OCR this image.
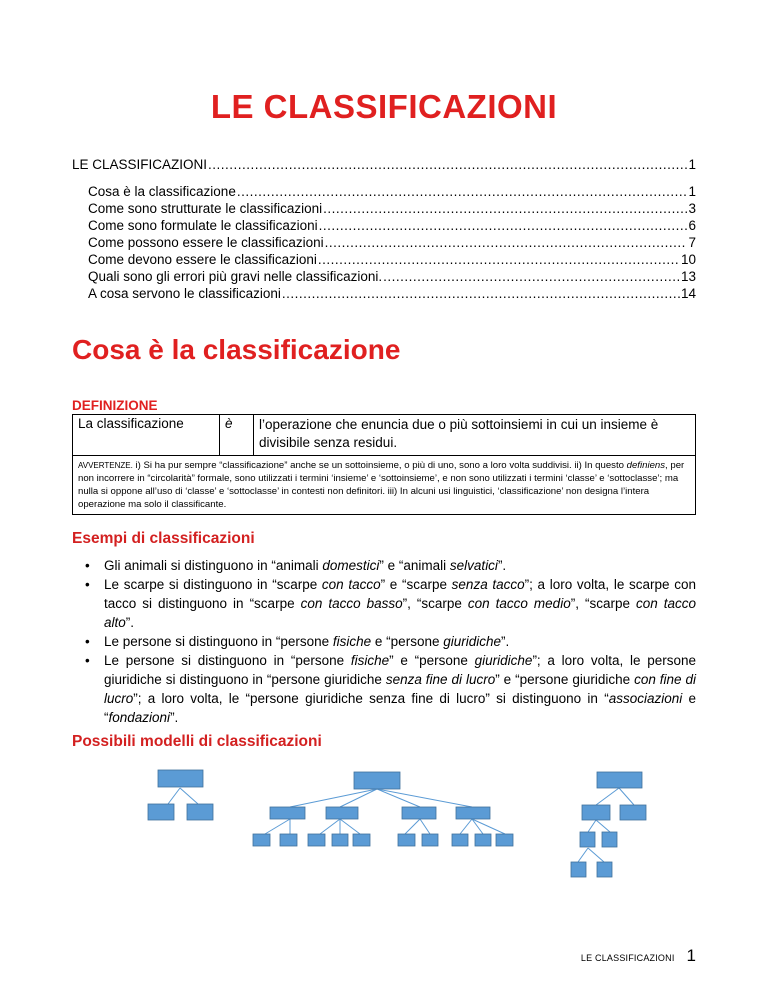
LE CLASSIFICAZIONI
LE CLASSIFICAZIONI .....	1
Cosa è la classificazione .....	1
Come sono strutturate le classificazioni .....	3
Come sono formulate le classificazioni .....	6
Come possono essere le classificazioni .....	7
Come devono essere le classificazioni .....	10
Quali sono gli errori più gravi nelle classificazioni. .....	13
A cosa servono le classificazioni .....	14
Cosa è la classificazione
DEFINIZIONE
La classificazione	è	l’operazione che enuncia due o più sottoinsiemi in cui un insieme è divisibile senza residui.
AVVERTENZE. i) Si ha pur sempre “classificazione” anche se un sottoinsieme, o più di uno, sono a loro volta suddivisi. ii) In questo definiens, per non incorrere in “circolarità” formale, sono utilizzati i termini ‘insieme’ e ‘sottoinsieme’, e non sono utilizzati i termini ‘classe’ e ‘sottoclasse’; ma nulla si oppone all’uso di ‘classe’ e ‘sottoclasse’ in contesti non definitori. iii) In alcuni usi linguistici, ‘classificazione’ non designa l’intera operazione ma solo il classificante.
Esempi di classificazioni
• Gli animali si distinguono in “animali domestici” e “animali selvatici”.
• Le scarpe si distinguono in “scarpe con tacco” e “scarpe senza tacco”; a loro volta, le scarpe con tacco si distinguono in “scarpe con tacco basso”, “scarpe con tacco medio”, “scarpe con tacco alto”.
• Le persone si distinguono in “persone fisiche e “persone giuridiche”.
• Le persone si distinguono in “persone fisiche” e “persone giuridiche”; a loro volta, le persone giuridiche si distinguono in “persone giuridiche senza fine di lucro” e “persone giuridiche con fine di lucro”; a loro volta, le “persone giuridiche senza fine di lucro” si distinguono in “associazioni e “fondazioni”.
Possibili modelli di classificazioni
LE CLASSIFICAZIONI 1
